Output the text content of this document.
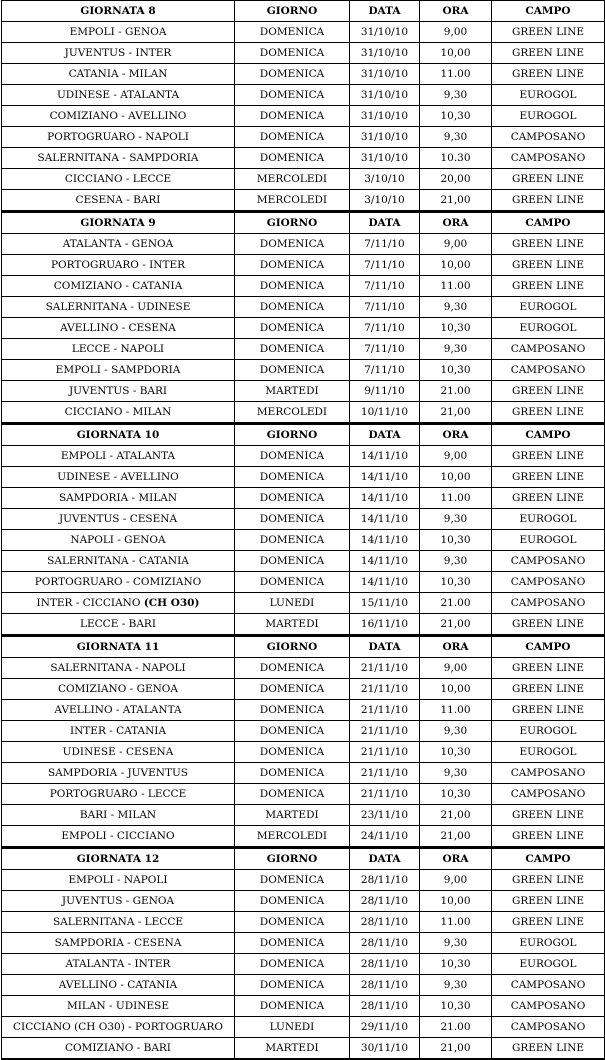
GIORNATA 8	GIORNO	DATA	ORA	CAMPO
EMPOLI - GENOA	DOMENICA	31/10/10	9,00	GREEN LINE
JUVENTUS - INTER	DOMENICA	31/10/10	10,00	GREEN LINE
CATANIA - MILAN	DOMENICA	31/10/10	11.00	GREEN LINE
UDINESE - ATALANTA	DOMENICA	31/10/10	9,30	EUROGOL
COMIZIANO - AVELLINO	DOMENICA	31/10/10	10,30	EUROGOL
PORTOGRUARO - NAPOLI	DOMENICA	31/10/10	9,30	CAMPOSANO
SALERNITANA - SAMPDORIA	DOMENICA	31/10/10	10.30	CAMPOSANO
CICCIANO - LECCE	MERCOLEDI	3/10/10	20,00	GREEN LINE
CESENA - BARI	MERCOLEDI	3/10/10	21,00	GREEN LINE
GIORNATA 9	GIORNO	DATA	ORA	CAMPO
ATALANTA - GENOA	DOMENICA	7/11/10	9,00	GREEN LINE
PORTOGRUARO - INTER	DOMENICA	7/11/10	10,00	GREEN LINE
COMIZIANO - CATANIA	DOMENICA	7/11/10	11.00	GREEN LINE
SALERNITANA - UDINESE	DOMENICA	7/11/10	9,30	EUROGOL
AVELLINO - CESENA	DOMENICA	7/11/10	10,30	EUROGOL
LECCE - NAPOLI	DOMENICA	7/11/10	9,30	CAMPOSANO
EMPOLI - SAMPDORIA	DOMENICA	7/11/10	10,30	CAMPOSANO
JUVENTUS - BARI	MARTEDI	9/11/10	21.00	GREEN LINE
CICCIANO - MILAN	MERCOLEDI	10/11/10	21,00	GREEN LINE
GIORNATA 10	GIORNO	DATA	ORA	CAMPO
EMPOLI - ATALANTA	DOMENICA	14/11/10	9,00	GREEN LINE
UDINESE - AVELLINO	DOMENICA	14/11/10	10,00	GREEN LINE
SAMPDORIA - MILAN	DOMENICA	14/11/10	11.00	GREEN LINE
JUVENTUS - CESENA	DOMENICA	14/11/10	9,30	EUROGOL
NAPOLI - GENOA	DOMENICA	14/11/10	10,30	EUROGOL
SALERNITANA - CATANIA	DOMENICA	14/11/10	9,30	CAMPOSANO
PORTOGRUARO - COMIZIANO	DOMENICA	14/11/10	10,30	CAMPOSANO
INTER - CICCIANO (CH O30)	LUNEDI	15/11/10	21.00	CAMPOSANO
LECCE - BARI	MARTEDI	16/11/10	21,00	GREEN LINE
GIORNATA 11	GIORNO	DATA	ORA	CAMPO
SALERNITANA - NAPOLI	DOMENICA	21/11/10	9,00	GREEN LINE
COMIZIANO - GENOA	DOMENICA	21/11/10	10,00	GREEN LINE
AVELLINO - ATALANTA	DOMENICA	21/11/10	11.00	GREEN LINE
INTER - CATANIA	DOMENICA	21/11/10	9,30	EUROGOL
UDINESE - CESENA	DOMENICA	21/11/10	10,30	EUROGOL
SAMPDORIA - JUVENTUS	DOMENICA	21/11/10	9,30	CAMPOSANO
PORTOGRUARO - LECCE	DOMENICA	21/11/10	10,30	CAMPOSANO
BARI - MILAN	MARTEDI	23/11/10	21,00	GREEN LINE
EMPOLI - CICCIANO	MERCOLEDI	24/11/10	21,00	GREEN LINE
GIORNATA 12	GIORNO	DATA	ORA	CAMPO
EMPOLI - NAPOLI	DOMENICA	28/11/10	9,00	GREEN LINE
JUVENTUS - GENOA	DOMENICA	28/11/10	10,00	GREEN LINE
SALERNITANA - LECCE	DOMENICA	28/11/10	11.00	GREEN LINE
SAMPDORIA - CESENA	DOMENICA	28/11/10	9,30	EUROGOL
ATALANTA - INTER	DOMENICA	28/11/10	10,30	EUROGOL
AVELLINO - CATANIA	DOMENICA	28/11/10	9,30	CAMPOSANO
MILAN - UDINESE	DOMENICA	28/11/10	10,30	CAMPOSANO
CICCIANO (CH O30) - PORTOGRUARO	LUNEDI	29/11/10	21.00	CAMPOSANO
COMIZIANO - BARI	MARTEDI	30/11/10	21,00	GREEN LINE
